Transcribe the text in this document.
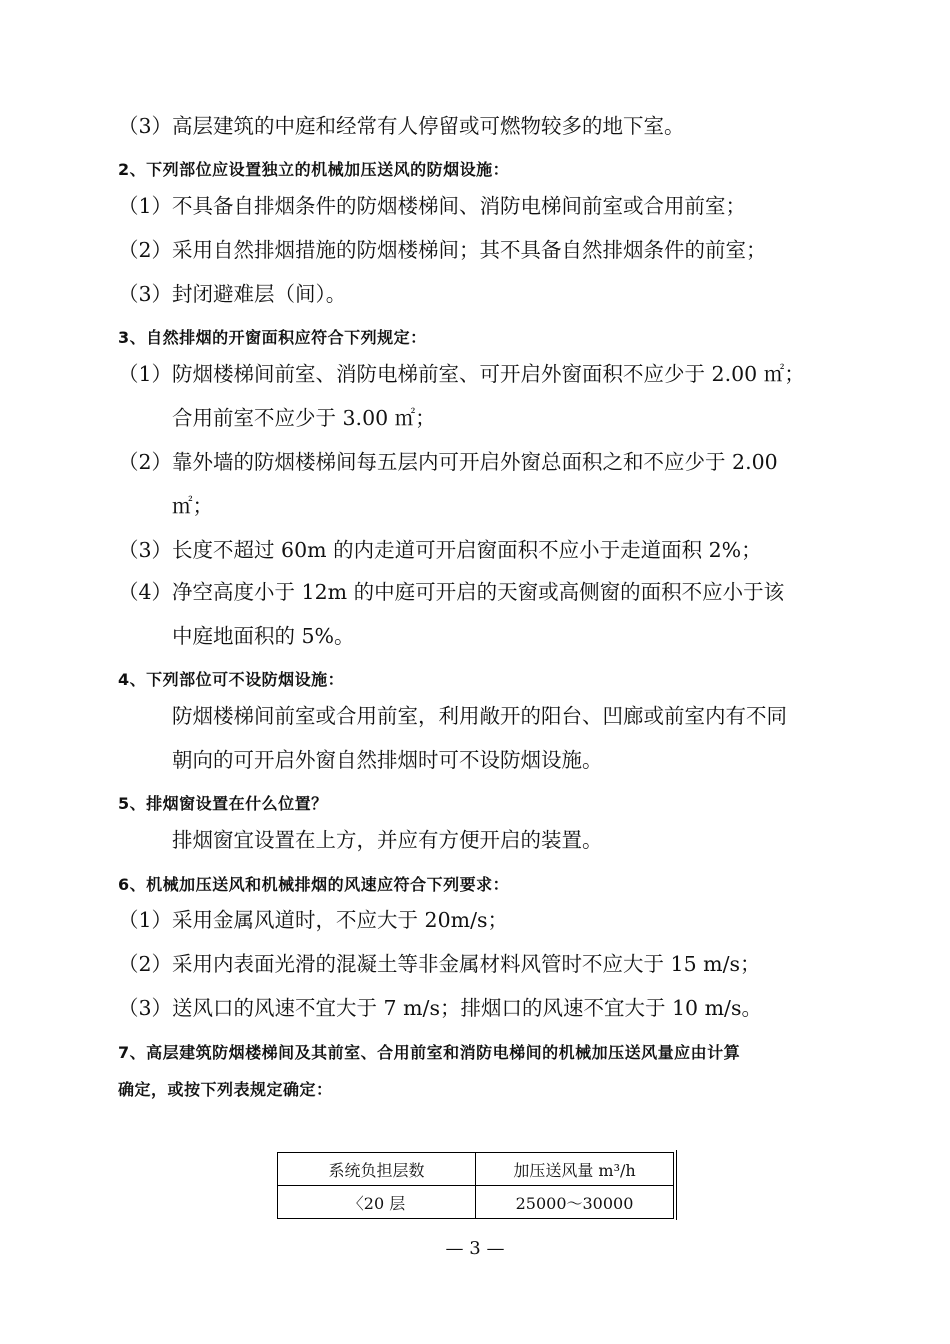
（3）高层建筑的中庭和经常有人停留或可燃物较多的地下室。
2、下列部位应设置独立的机械加压送风的防烟设施：
（1）不具备自排烟条件的防烟楼梯间、消防电梯间前室或合用前室；
（2）采用自然排烟措施的防烟楼梯间；其不具备自然排烟条件的前室；
（3）封闭避难层（间）。
3、自然排烟的开窗面积应符合下列规定：
（1）防烟楼梯间前室、消防电梯前室、可开启外窗面积不应少于 2.00 ㎡；
合用前室不应少于 3.00 ㎡；
（2）靠外墙的防烟楼梯间每五层内可开启外窗总面积之和不应少于 2.00
㎡；
（3）长度不超过 60m 的内走道可开启窗面积不应小于走道面积 2%；
（4）净空高度小于 12m 的中庭可开启的天窗或高侧窗的面积不应小于该
中庭地面积的 5%。
4、下列部位可不设防烟设施：
防烟楼梯间前室或合用前室，利用敞开的阳台、凹廊或前室内有不同
朝向的可开启外窗自然排烟时可不设防烟设施。
5、排烟窗设置在什么位置？
排烟窗宜设置在上方，并应有方便开启的装置。
6、机械加压送风和机械排烟的风速应符合下列要求：
（1）采用金属风道时，不应大于 20m/s；
（2）采用内表面光滑的混凝土等非金属材料风管时不应大于 15 m/s；
（3）送风口的风速不宜大于 7 m/s；排烟口的风速不宜大于 10 m/s。
7、高层建筑防烟楼梯间及其前室、合用前室和消防电梯间的机械加压送风量应由计算
确定，或按下列表规定确定：
系统负担层数	加压送风量 m³/h
〈20 层	25000～30000
— 3 —
